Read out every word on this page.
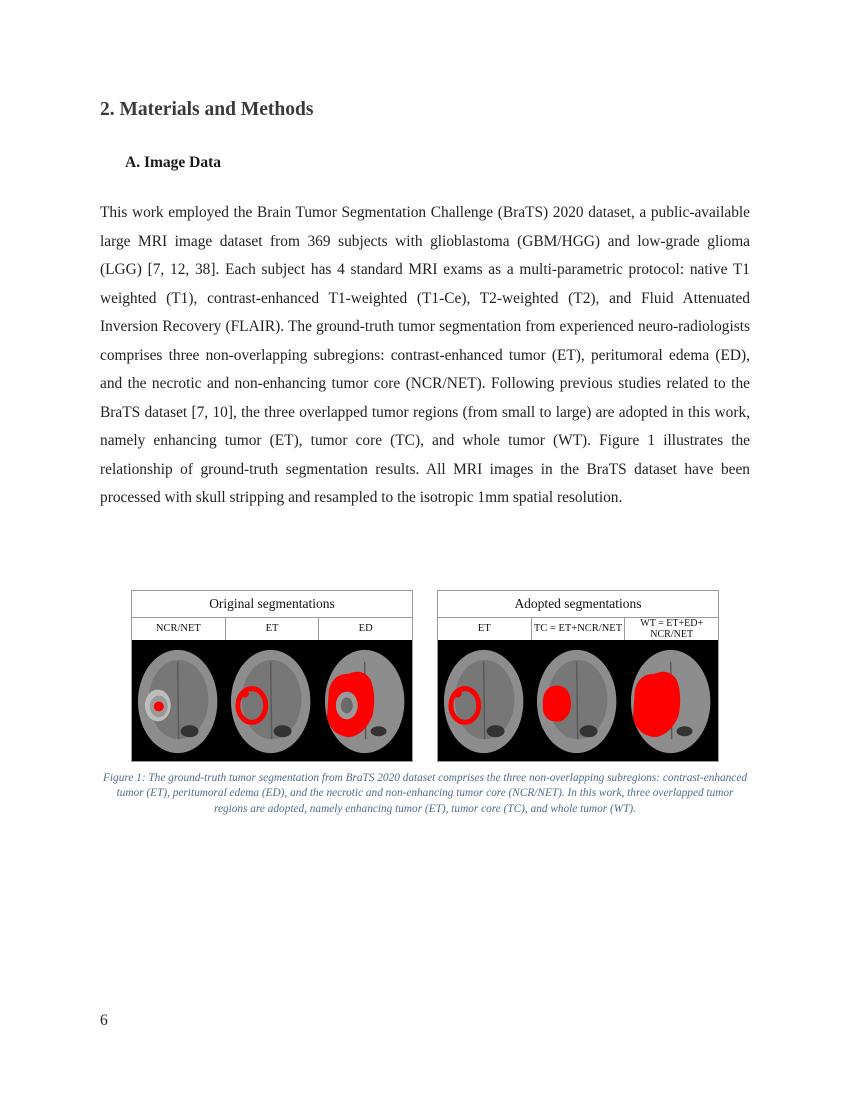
2. Materials and Methods
A. Image Data

This work employed the Brain Tumor Segmentation Challenge (BraTS) 2020 dataset, a public-available large MRI image dataset from 369 subjects with glioblastoma (GBM/HGG) and low-grade glioma (LGG) [7, 12, 38]. Each subject has 4 standard MRI exams as a multi-parametric protocol: native T1 weighted (T1), contrast-enhanced T1-weighted (T1-Ce), T2-weighted (T2), and Fluid Attenuated Inversion Recovery (FLAIR). The ground-truth tumor segmentation from experienced neuro-radiologists comprises three non-overlapping subregions: contrast-enhanced tumor (ET), peritumoral edema (ED), and the necrotic and non-enhancing tumor core (NCR/NET). Following previous studies related to the BraTS dataset [7, 10], the three overlapped tumor regions (from small to large) are adopted in this work, namely enhancing tumor (ET), tumor core (TC), and whole tumor (WT). Figure 1 illustrates the relationship of ground-truth segmentation results. All MRI images in the BraTS dataset have been processed with skull stripping and resampled to the isotropic 1mm spatial resolution.

Original segmentations
NCR/NET	ET	ED
Adopted segmentations
ET	TC = ET+NCR/NET	WT = ET+ED+ NCR/NET

Figure 1: The ground-truth tumor segmentation from BraTS 2020 dataset comprises the three non-overlapping subregions: contrast-enhanced tumor (ET), peritumoral edema (ED), and the necrotic and non-enhancing tumor core (NCR/NET). In this work, three overlapped tumor regions are adopted, namely enhancing tumor (ET), tumor core (TC), and whole tumor (WT).

6
